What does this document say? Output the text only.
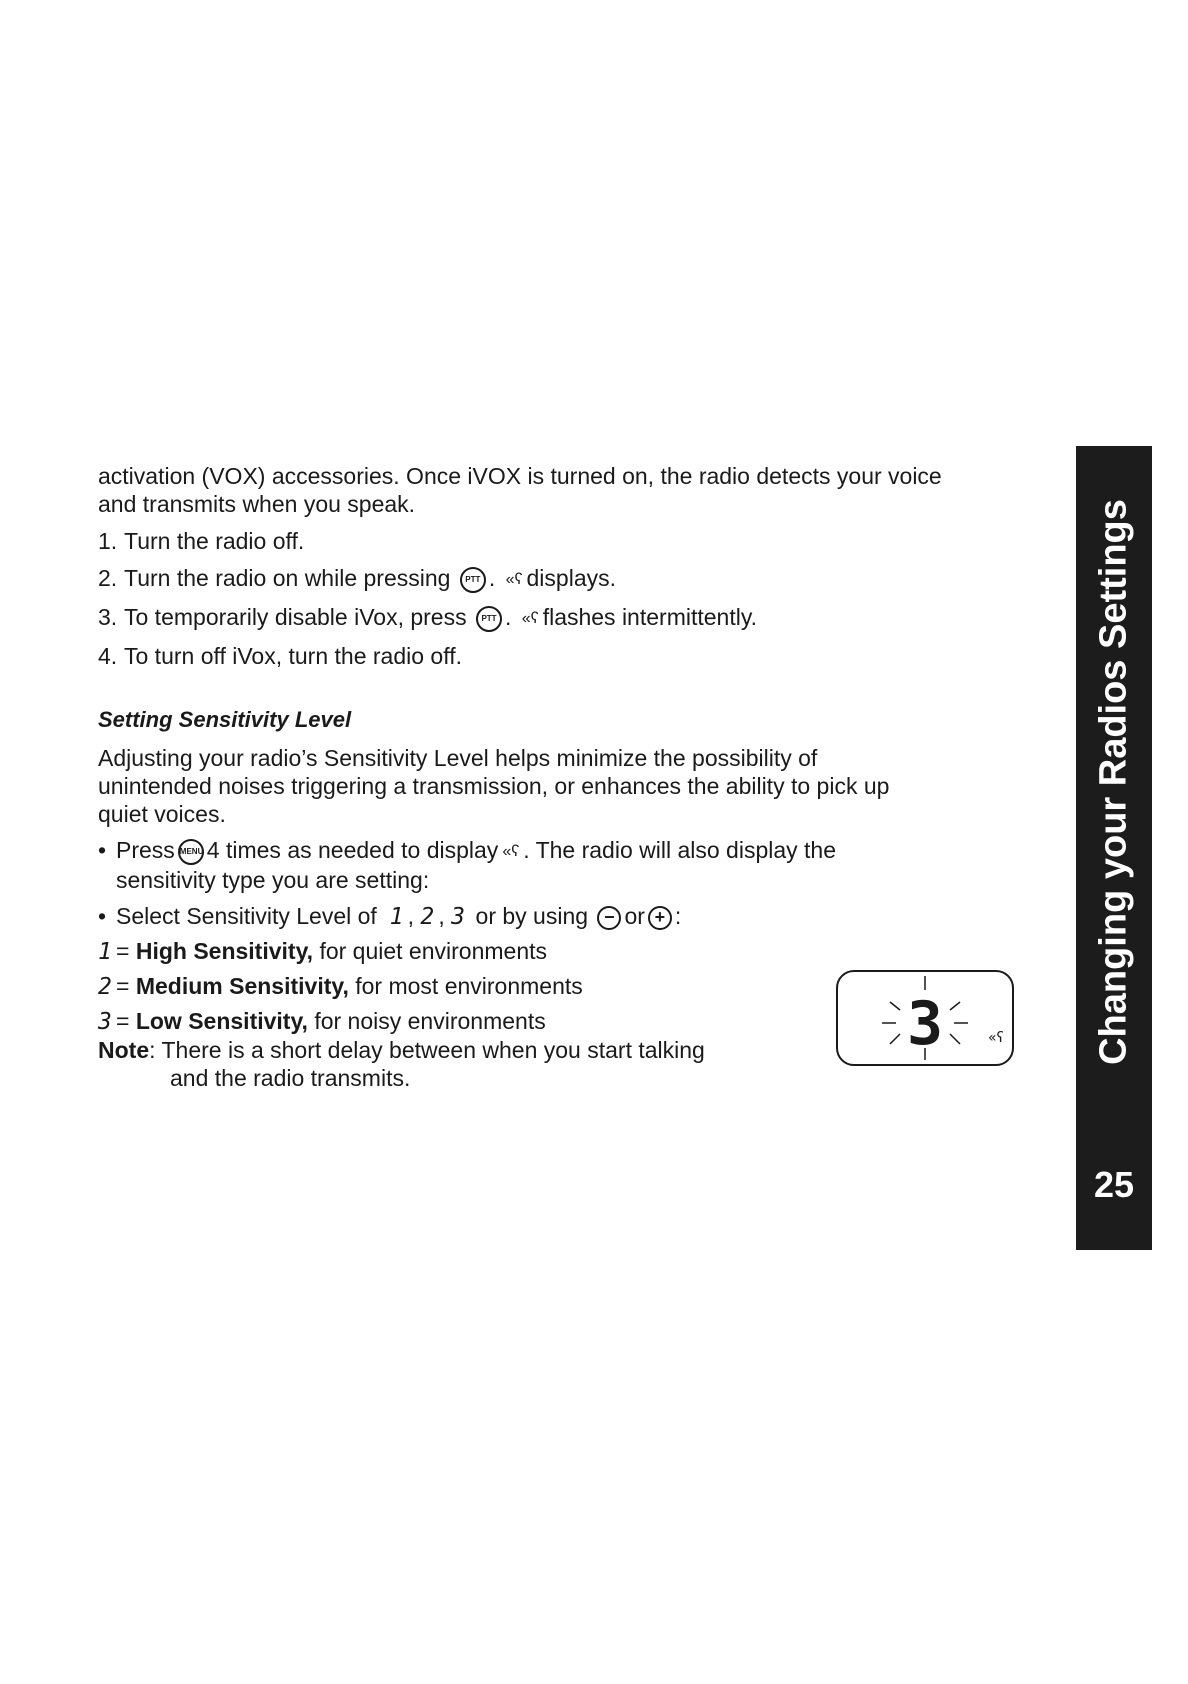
activation (VOX) accessories. Once iVOX is turned on, the radio detects your voice
and transmits when you speak.
1. Turn the radio off.
2. Turn the radio on while pressing PTT . «ʕ displays.
3. To temporarily disable iVox, press PTT . «ʕ flashes intermittently.
4. To turn off iVox, turn the radio off.
Setting Sensitivity Level
Adjusting your radio’s Sensitivity Level helps minimize the possibility of
unintended noises triggering a transmission, or enhances the ability to pick up
quiet voices.
• Press MENU 4 times as needed to display «ʕ . The radio will also display the
sensitivity type you are setting:
• Select Sensitivity Level of 1 , 2 , 3 or by using − or + :
1 = High Sensitivity, for quiet environments
2 = Medium Sensitivity, for most environments
3 = Low Sensitivity, for noisy environments
Note: There is a short delay between when you start talking
and the radio transmits.
3	«ʕ Changing your Radios Settings
25
